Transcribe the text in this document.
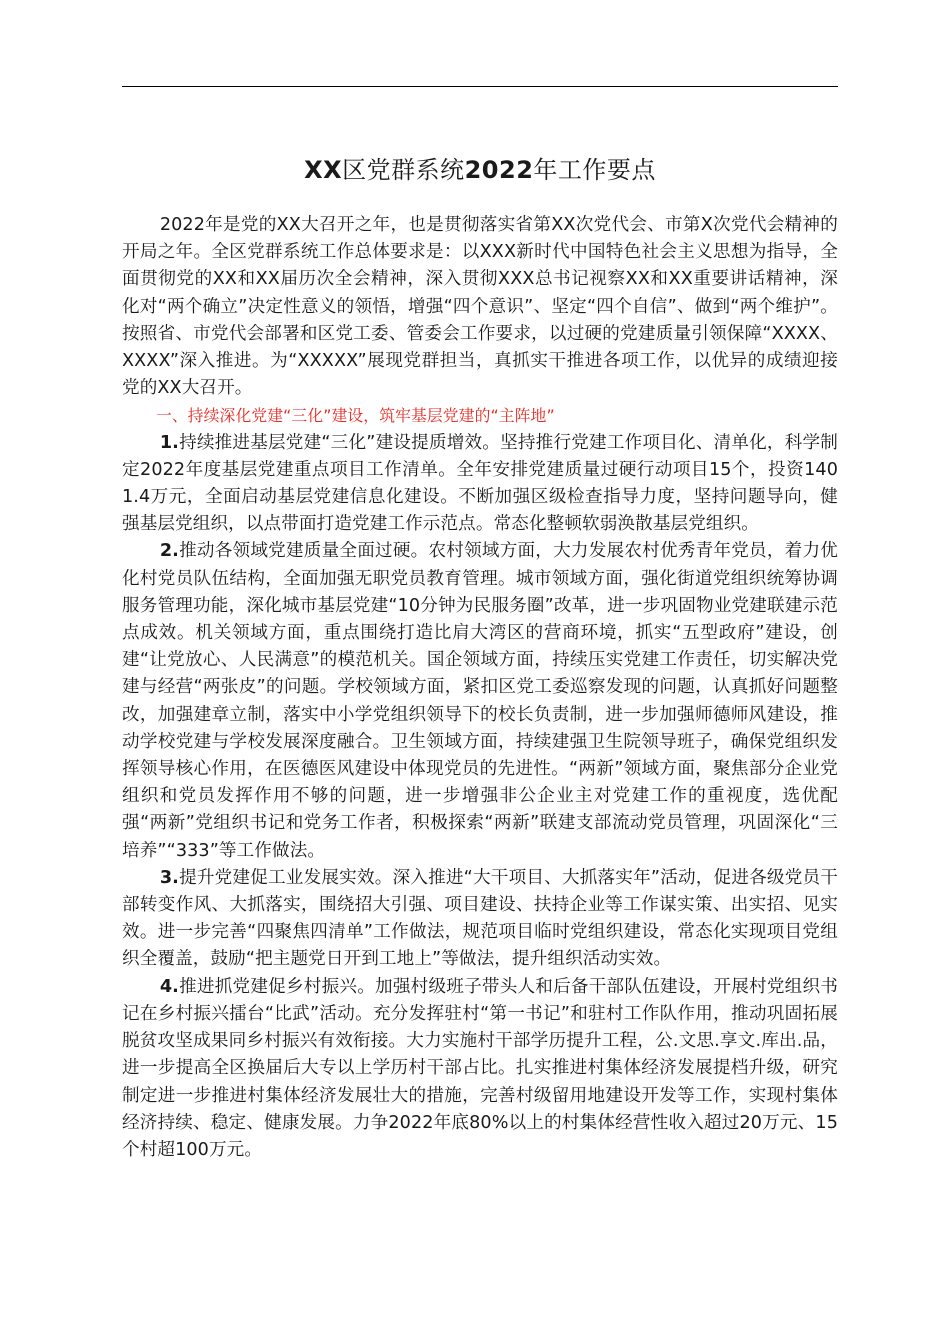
XX区党群系统2022年工作要点

2022年是党的XX大召开之年，也是贯彻落实省第XX次党代会、市第X次党代会精神的开局之年。全区党群系统工作总体要求是：以XXX新时代中国特色社会主义思想为指导，全面贯彻党的XX和XX届历次全会精神，深入贯彻XXX总书记视察XX和XX重要讲话精神，深化对“两个确立”决定性意义的领悟，增强“四个意识”、坚定“四个自信”、做到“两个维护”。按照省、市党代会部署和区党工委、管委会工作要求，以过硬的党建质量引领保障“XXXX、XXXX”深入推进。为“XXXXX”展现党群担当，真抓实干推进各项工作，以优异的成绩迎接党的XX大召开。

一、持续深化党建“三化”建设，筑牢基层党建的“主阵地”

1.持续推进基层党建“三化”建设提质增效。坚持推行党建工作项目化、清单化，科学制定2022年度基层党建重点项目工作清单。全年安排党建质量过硬行动项目15个，投资1401.4万元，全面启动基层党建信息化建设。不断加强区级检查指导力度，坚持问题导向，健强基层党组织，以点带面打造党建工作示范点。常态化整顿软弱涣散基层党组织。

2.推动各领域党建质量全面过硬。农村领域方面，大力发展农村优秀青年党员，着力优化村党员队伍结构，全面加强无职党员教育管理。城市领域方面，强化街道党组织统筹协调服务管理功能，深化城市基层党建“10分钟为民服务圈”改革，进一步巩固物业党建联建示范点成效。机关领域方面，重点围绕打造比肩大湾区的营商环境，抓实“五型政府”建设，创建“让党放心、人民满意”的模范机关。国企领域方面，持续压实党建工作责任，切实解决党建与经营“两张皮”的问题。学校领域方面，紧扣区党工委巡察发现的问题，认真抓好问题整改，加强建章立制，落实中小学党组织领导下的校长负责制，进一步加强师德师风建设，推动学校党建与学校发展深度融合。卫生领域方面，持续建强卫生院领导班子，确保党组织发挥领导核心作用，在医德医风建设中体现党员的先进性。“两新”领域方面，聚焦部分企业党组织和党员发挥作用不够的问题，进一步增强非公企业主对党建工作的重视度，选优配强“两新”党组织书记和党务工作者，积极探索“两新”联建支部流动党员管理，巩固深化“三培养”“333”等工作做法。

3.提升党建促工业发展实效。深入推进“大干项目、大抓落实年”活动，促进各级党员干部转变作风、大抓落实，围绕招大引强、项目建设、扶持企业等工作谋实策、出实招、见实效。进一步完善“四聚焦四清单”工作做法，规范项目临时党组织建设，常态化实现项目党组织全覆盖，鼓励“把主题党日开到工地上”等做法，提升组织活动实效。

4.推进抓党建促乡村振兴。加强村级班子带头人和后备干部队伍建设，开展村党组织书记在乡村振兴擂台“比武”活动。充分发挥驻村“第一书记”和驻村工作队作用，推动巩固拓展脱贫攻坚成果同乡村振兴有效衔接。大力实施村干部学历提升工程，公.文思.享文.库出.品，进一步提高全区换届后大专以上学历村干部占比。扎实推进村集体经济发展提档升级，研究制定进一步推进村集体经济发展壮大的措施，完善村级留用地建设开发等工作，实现村集体经济持续、稳定、健康发展。力争2022年底80%以上的村集体经营性收入超过20万元、15个村超100万元。
